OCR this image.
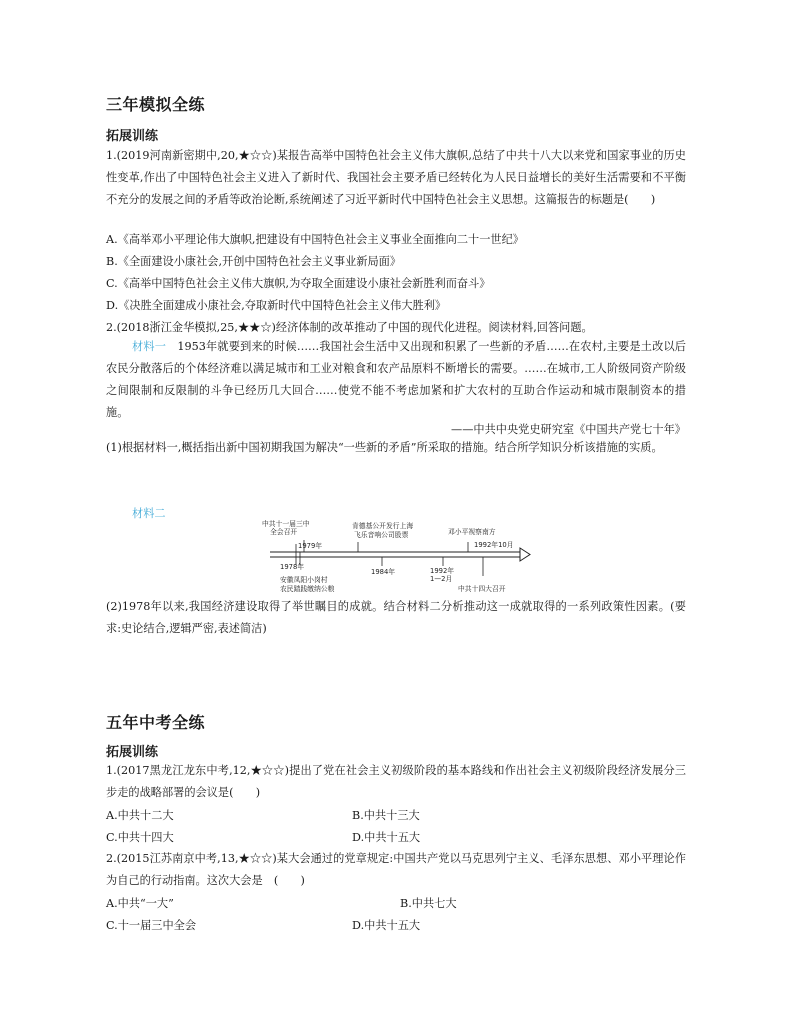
三年模拟全练
拓展训练
1.(2019河南新密期中,20,★☆☆)某报告高举中国特色社会主义伟大旗帜,总结了中共十八大以来党和国家事业的历史性变革,作出了中国特色社会主义进入了新时代、我国社会主要矛盾已经转化为人民日益增长的美好生活需要和不平衡不充分的发展之间的矛盾等政治论断,系统阐述了习近平新时代中国特色社会主义思想。这篇报告的标题是(　　)
A.《高举邓小平理论伟大旗帜,把建设有中国特色社会主义事业全面推向二十一世纪》
B.《全面建设小康社会,开创中国特色社会主义事业新局面》
C.《高举中国特色社会主义伟大旗帜,为夺取全面建设小康社会新胜利而奋斗》
D.《决胜全面建成小康社会,夺取新时代中国特色社会主义伟大胜利》
2.(2018浙江金华模拟,25,★★☆)经济体制的改革推动了中国的现代化进程。阅读材料,回答问题。
材料一　1953年就要到来的时候……我国社会生活中又出现和积累了一些新的矛盾……在农村,主要是土改以后农民分散落后的个体经济难以满足城市和工业对粮食和农产品原料不断增长的需要。……在城市,工人阶级同资产阶级之间限制和反限制的斗争已经历几大回合……使党不能不考虑加紧和扩大农村的互助合作运动和城市限制资本的措施。
——中共中央党史研究室《中国共产党七十年》
(1)根据材料一,概括指出新中国初期我国为解决“一些新的矛盾”所采取的措施。结合所学知识分析该措施的实质。
材料二
中共十一届三中
全会召开
1979年
肯德基公开发行上海
飞乐音响公司股票	邓小平视察南方
1992年10月
1978年
安徽凤阳小岗村
农民踏践缴纳公粮
1984年	1992年
1—2月
中共十四大召开
(2)1978年以来,我国经济建设取得了举世瞩目的成就。结合材料二分析推动这一成就取得的一系列政策性因素。(要求:史论结合,逻辑严密,表述简洁)
五年中考全练
拓展训练
1.(2017黑龙江龙东中考,12,★☆☆)提出了党在社会主义初级阶段的基本路线和作出社会主义初级阶段经济发展分三步走的战略部署的会议是(　　)
A.中共十二大	B.中共十三大
C.中共十四大	D.中共十五大
2.(2015江苏南京中考,13,★☆☆)某大会通过的党章规定:中国共产党以马克思列宁主义、毛泽东思想、邓小平理论作为自己的行动指南。这次大会是　(　　)
A.中共“一大”	B.中共七大
C.十一届三中全会	D.中共十五大
